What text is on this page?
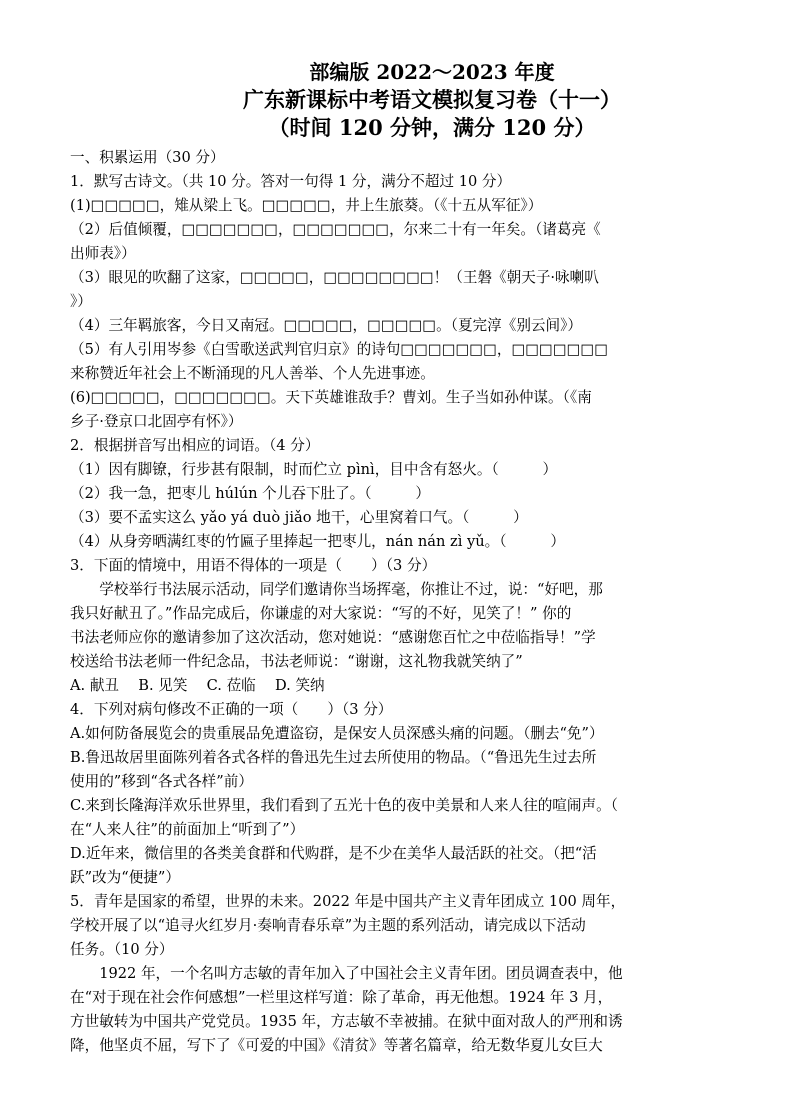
部编版 2022～2023 年度
广东新课标中考语文模拟复习卷（十一）
（时间 120 分钟，满分 120 分）
一、积累运用（30 分）
1．默写古诗文。（共 10 分。答对一句得 1 分，满分不超过 10 分）
(1)□□□□□，雉从梁上飞。□□□□□，井上生旅葵。（《十五从军征》）
（2）后值倾覆，□□□□□□□，□□□□□□□，尔来二十有一年矣。（诸葛亮《
出师表》）
（3）眼见的吹翻了这家，□□□□□，□□□□□□□□！（王磐《朝天子·咏喇叭
》）
（4）三年羁旅客，今日又南冠。□□□□□，□□□□□。（夏完淳《别云间》）
（5）有人引用岑参《白雪歌送武判官归京》的诗句□□□□□□□，□□□□□□□
来称赞近年社会上不断涌现的凡人善举、个人先进事迹。
(6)□□□□□，□□□□□□□。天下英雄谁敌手？曹刘。生子当如孙仲谋。（《南
乡子·登京口北固亭有怀》）
2．根据拼音写出相应的词语。（4 分）
（1）因有脚镣，行步甚有限制，时而伫立 pìnì，目中含有怒火。（　　　）
（2）我一急，把枣儿 húlún 个儿吞下肚了。（　　　）
（3）要不孟实这么 yǎo yá duò jiǎo 地干，心里窝着口气。（　　　）
（4）从身旁晒满红枣的竹匾子里捧起一把枣儿，nán nán zì yǔ。（　　　）
3．下面的情境中，用语不得体的一项是（　　）（3 分）
学校举行书法展示活动，同学们邀请你当场挥毫，你推让不过，说：“好吧，那
我只好献丑了。”作品完成后，你谦虚的对大家说：“写的不好，见笑了！” 你的
书法老师应你的邀请参加了这次活动，您对她说：“感谢您百忙之中莅临指导！”学
校送给书法老师一件纪念品，书法老师说：“谢谢，这礼物我就笑纳了”
A. 献丑　 B. 见笑　 C. 莅临　 D. 笑纳
4．下列对病句修改不正确的一项（　　）（3 分）
A.如何防备展览会的贵重展品免遭盗窃，是保安人员深感头痛的问题。（删去“免”）
B.鲁迅故居里面陈列着各式各样的鲁迅先生过去所使用的物品。（“鲁迅先生过去所
使用的”移到“各式各样”前）
C.来到长隆海洋欢乐世界里，我们看到了五光十色的夜中美景和人来人往的喧闹声。（
在“人来人往”的前面加上“听到了”）
D.近年来，微信里的各类美食群和代购群，是不少在美华人最活跃的社交。（把“活
跃”改为“便捷”）
5．青年是国家的希望，世界的未来。2022 年是中国共产主义青年团成立 100 周年，
学校开展了以“追寻火红岁月·奏响青春乐章”为主题的系列活动，请完成以下活动
任务。（10 分）
1922 年，一个名叫方志敏的青年加入了中国社会主义青年团。团员调查表中，他
在“对于现在社会作何感想”一栏里这样写道：除了革命，再无他想。1924 年 3 月，
方世敏转为中国共产党党员。1935 年，方志敏不幸被捕。在狱中面对敌人的严刑和诱
降，他坚贞不屈，写下了《可爱的中国》《清贫》等著名篇章，给无数华夏儿女巨大
